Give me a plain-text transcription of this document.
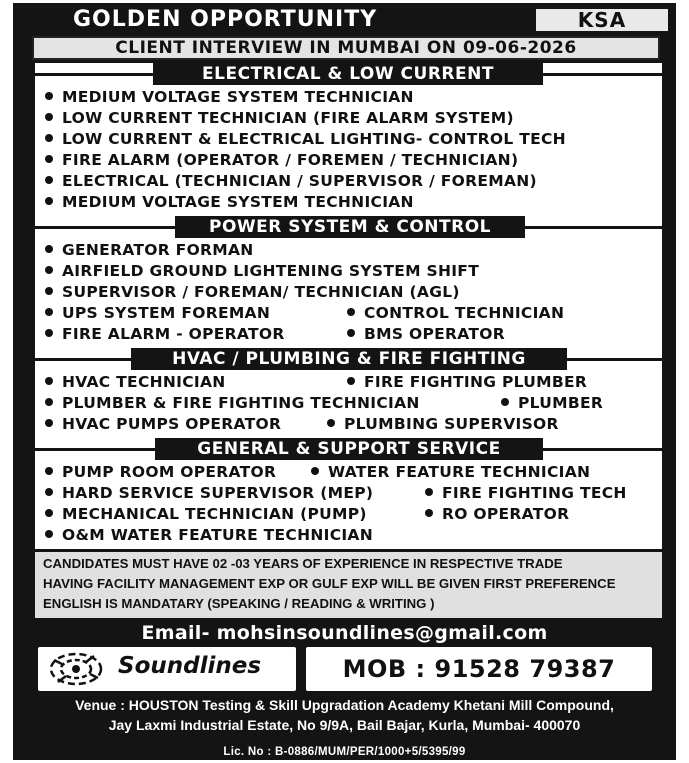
GOLDEN OPPORTUNITY	KSA
CLIENT INTERVIEW IN MUMBAI ON 09-06-2026
ELECTRICAL & LOW CURRENT
MEDIUM VOLTAGE SYSTEM TECHNICIAN
LOW CURRENT TECHNICIAN (FIRE ALARM SYSTEM)
LOW CURRENT & ELECTRICAL LIGHTING- CONTROL TECH
FIRE ALARM (OPERATOR / FOREMEN / TECHNICIAN)
ELECTRICAL (TECHNICIAN / SUPERVISOR / FOREMAN)
MEDIUM VOLTAGE SYSTEM TECHNICIAN
POWER SYSTEM & CONTROL
GENERATOR FORMAN
AIRFIELD GROUND LIGHTENING SYSTEM SHIFT
SUPERVISOR / FOREMAN/ TECHNICIAN (AGL)
UPS SYSTEM FOREMAN	CONTROL TECHNICIAN
FIRE ALARM - OPERATOR	BMS OPERATOR
HVAC / PLUMBING & FIRE FIGHTING
HVAC TECHNICIAN	FIRE FIGHTING PLUMBER
PLUMBER & FIRE FIGHTING TECHNICIAN	PLUMBER
HVAC PUMPS OPERATOR	PLUMBING SUPERVISOR
GENERAL & SUPPORT SERVICE
PUMP ROOM OPERATOR	WATER FEATURE TECHNICIAN
HARD SERVICE SUPERVISOR (MEP)	FIRE FIGHTING TECH
MECHANICAL TECHNICIAN (PUMP)	RO OPERATOR
O&M WATER FEATURE TECHNICIAN
CANDIDATES MUST HAVE 02 -03 YEARS OF EXPERIENCE IN RESPECTIVE TRADE
HAVING FACILITY MANAGEMENT EXP OR GULF EXP WILL BE GIVEN FIRST PREFERENCE
ENGLISH IS MANDATARY (SPEAKING / READING & WRITING )
Email- mohsinsoundlines@gmail.com
Soundlines	MOB : 91528 79387
Venue : HOUSTON Testing & Skill Upgradation Academy Khetani Mill Compound,
Jay Laxmi Industrial Estate, No 9/9A, Bail Bajar, Kurla, Mumbai- 400070
Lic. No : B-0886/MUM/PER/1000+5/5395/99
